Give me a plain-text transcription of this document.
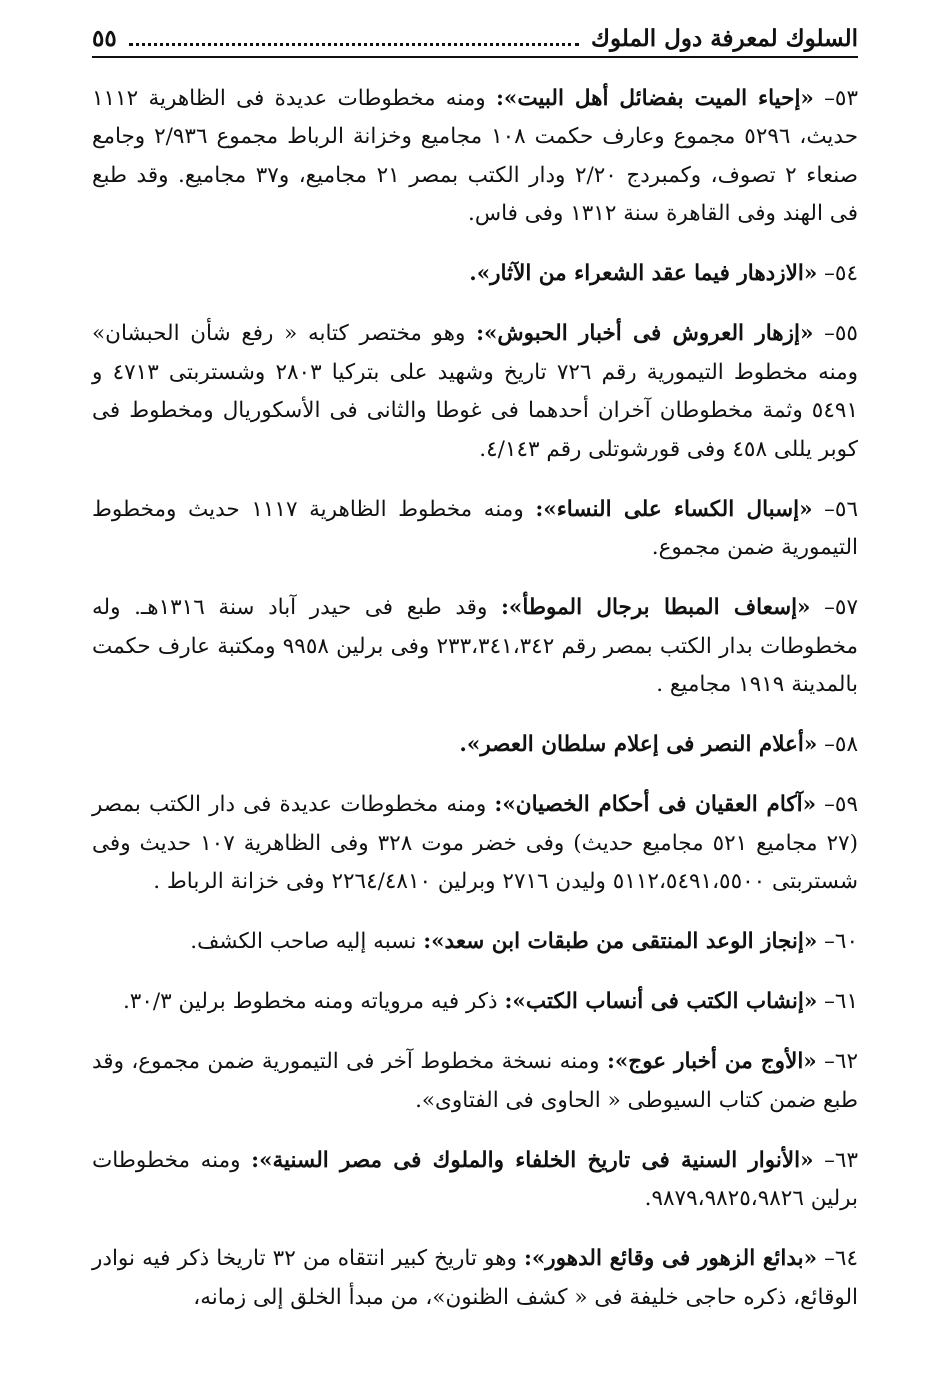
السلوك لمعرفة دول الملوك
٥٥

٥٣– «إحياء الميت بفضائل أهل البيت»: ومنه مخطوطات عديدة فى الظاهرية ١١١٢ حديث، ٥٢٩٦ مجموع وعارف حكمت ١٠٨ مجاميع وخزانة الرباط مجموع ٢/٩٣٦ وجامع صنعاء ٢ تصوف، وكمبردج ٢/٢٠ ودار الكتب بمصر ٢١ مجاميع، و٣٧ مجاميع. وقد طبع فى الهند وفى القاهرة سنة ١٣١٢ وفى فاس.

٥٤– «الازدهار فيما عقد الشعراء من الآثار».

٥٥– «إزهار العروش فى أخبار الحبوش»: وهو مختصر كتابه « رفع شأن الحبشان» ومنه مخطوط التيمورية رقم ٧٢٦ تاريخ وشهيد على بتركيا ٢٨٠٣ وشستربتى ٤٧١٣ و ٥٤٩١ وثمة مخطوطان آخران أحدهما فى غوطا والثانى فى الأسكوريال ومخطوط فى كوبر يللى ٤٥٨ وفى قورشوتلى رقم ٤/١٤٣.

٥٦– «إسبال الكساء على النساء»: ومنه مخطوط الظاهرية ١١١٧ حديث ومخطوط التيمورية ضمن مجموع.

٥٧– «إسعاف المبطا برجال الموطأ»: وقد طبع فى حيدر آباد سنة ١٣١٦هـ. وله مخطوطات بدار الكتب بمصر رقم ٢٣٣،٣٤١،٣٤٢ وفى برلين ٩٩٥٨ ومكتبة عارف حكمت بالمدينة ١٩١٩ مجاميع .

٥٨– «أعلام النصر فى إعلام سلطان العصر».

٥٩– «آكام العقيان فى أحكام الخصيان»: ومنه مخطوطات عديدة فى دار الكتب بمصر (٢٧ مجاميع ٥٢١ مجاميع حديث) وفى خضر موت ٣٢٨ وفى الظاهرية ١٠٧ حديث وفى شستربتى ٥١١٢،٥٤٩١،٥٥٠٠ وليدن ٢٧١٦ وبرلين ٢٢٦٤/٤٨١٠ وفى خزانة الرباط .

٦٠– «إنجاز الوعد المنتقى من طبقات ابن سعد»: نسبه إليه صاحب الكشف.

٦١– «إنشاب الكتب فى أنساب الكتب»: ذكر فيه مروياته ومنه مخطوط برلين ٣٠/٣.

٦٢– «الأوج من أخبار عوج»: ومنه نسخة مخطوط آخر فى التيمورية ضمن مجموع، وقد طبع ضمن كتاب السيوطى « الحاوى فى الفتاوى».

٦٣– «الأنوار السنية فى تاريخ الخلفاء والملوك فى مصر السنية»: ومنه مخطوطات برلين ٩٨٧٩،٩٨٢٥،٩٨٢٦.

٦٤– «بدائع الزهور فى وقائع الدهور»: وهو تاريخ كبير انتقاه من ٣٢ تاريخا ذكر فيه نوادر الوقائع، ذكره حاجى خليفة فى « كشف الظنون»، من مبدأ الخلق إلى زمانه،
